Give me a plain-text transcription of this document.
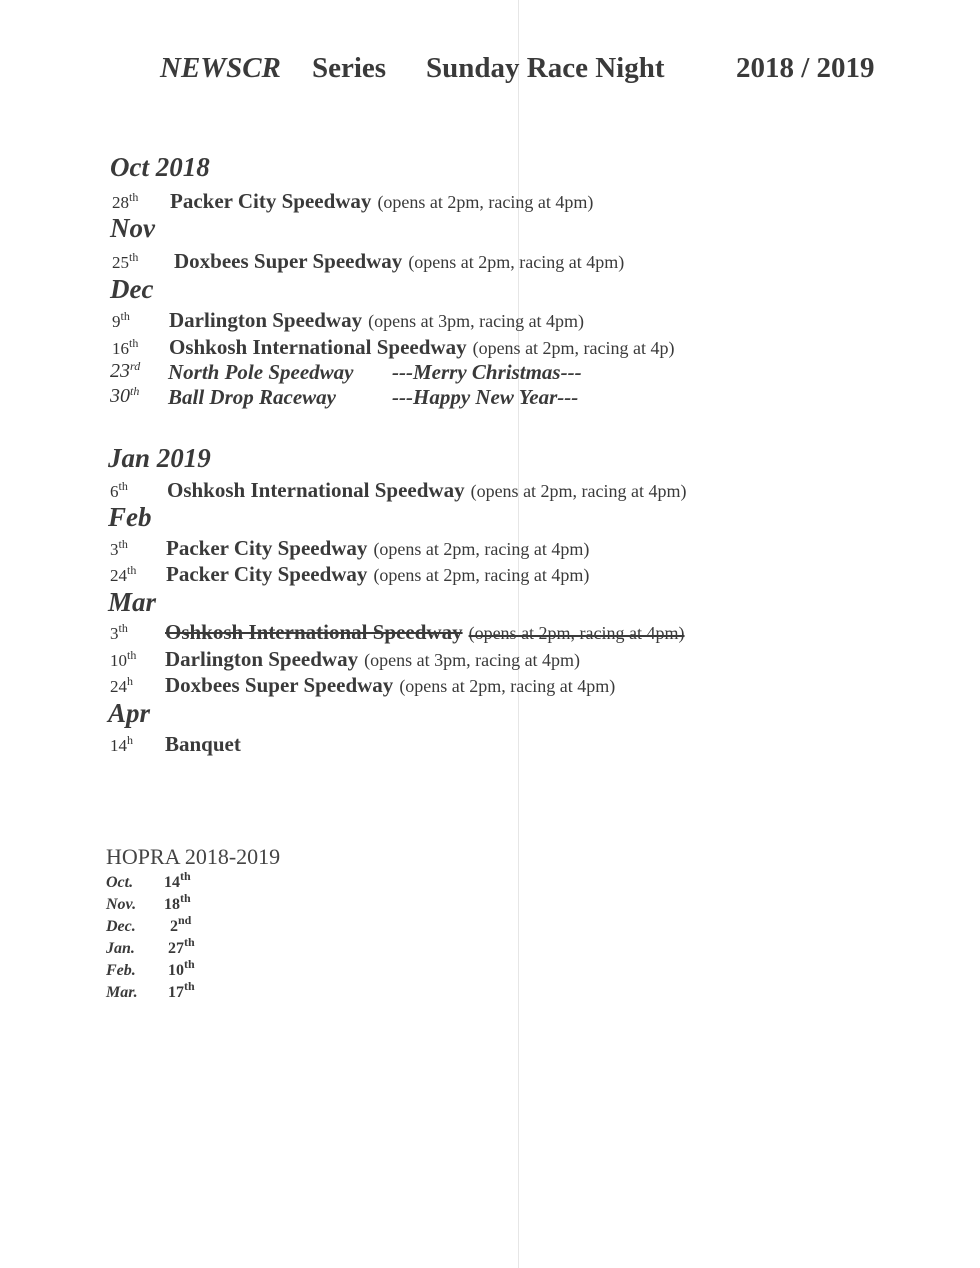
NEWSCR Series Sunday Race Night 2018 / 2019
Oct 2018
28th Packer City Speedway (opens at 2pm, racing at 4pm)
Nov
25th Doxbees Super Speedway (opens at 2pm, racing at 4pm)
Dec
9th Darlington Speedway (opens at 3pm, racing at 4pm)
16th Oshkosh International Speedway (opens at 2pm, racing at 4p)
23rd North Pole Speedway ---Merry Christmas---
30th Ball Drop Raceway	---Happy New Year---
Jan 2019
6th Oshkosh International Speedway (opens at 2pm, racing at 4pm)
Feb
3th Packer City Speedway (opens at 2pm, racing at 4pm)
24th Packer City Speedway (opens at 2pm, racing at 4pm)
Mar
3th Oshkosh International Speedway (opens at 2pm, racing at 4pm)
10th Darlington Speedway (opens at 3pm, racing at 4pm)
24$^h$ Doxbees Super Speedway (opens at 2pm, racing at 4pm)
Apr
14$^h$ Banquet
HOPRA 2018-2019
Oct. 14th
Nov. 18th
Dec. 2nd
Jan. 27th
Feb. 10th
Mar. 17th
